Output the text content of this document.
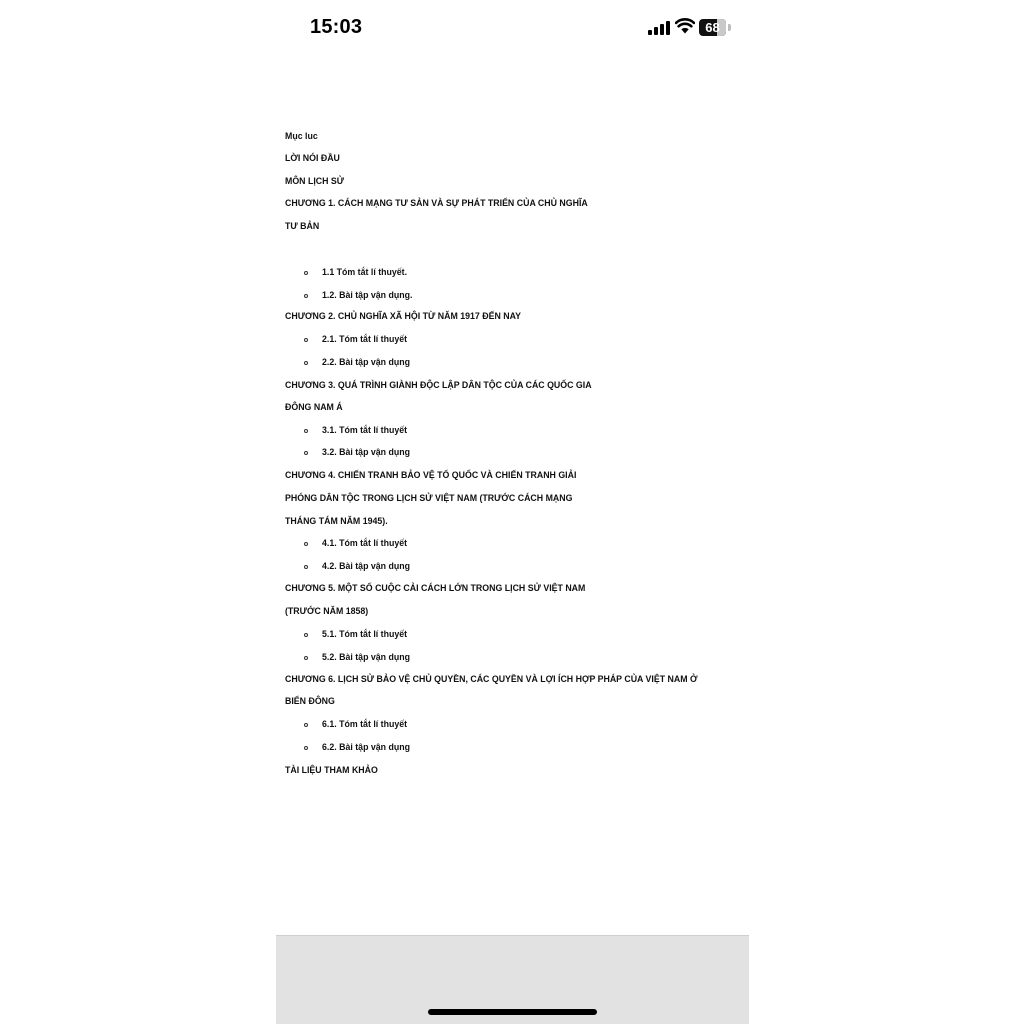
15:03	68
Mục luc
LỜI NÓI ĐẦU
MÔN LỊCH SỬ
CHƯƠNG 1. CÁCH MẠNG TƯ SẢN VÀ SỰ PHÁT TRIỂN CỦA CHỦ NGHĨA
TƯ BẢN
1.1 Tóm tắt lí thuyết.
1.2. Bài tập vận dụng.
CHƯƠNG 2. CHỦ NGHĨA XÃ HỘI TỪ NĂM 1917 ĐẾN NAY
2.1. Tóm tắt lí thuyết
2.2. Bài tập vận dụng
CHƯƠNG 3. QUÁ TRÌNH GIÀNH ĐỘC LẬP DÂN TỘC CỦA CÁC QUỐC GIA
ĐÔNG NAM Á
3.1. Tóm tắt lí thuyết
3.2. Bài tập vận dụng
CHƯƠNG 4. CHIẾN TRANH BẢO VỆ TỔ QUỐC VÀ CHIẾN TRANH GIẢI
PHÓNG DÂN TỘC TRONG LỊCH SỬ VIỆT NAM (TRƯỚC CÁCH MẠNG
THÁNG TÁM NĂM 1945).
4.1. Tóm tắt lí thuyết
4.2. Bài tập vận dụng
CHƯƠNG 5. MỘT SỐ CUỘC CẢI CÁCH LỚN TRONG LỊCH SỬ VIỆT NAM
(TRƯỚC NĂM 1858)
5.1. Tóm tắt lí thuyết
5.2. Bài tập vận dụng
CHƯƠNG 6. LỊCH SỬ BẢO VỆ CHỦ QUYỀN, CÁC QUYỀN VÀ LỢI ÍCH HỢP PHÁP CỦA VIỆT NAM Ở
BIỂN ĐÔNG
6.1. Tóm tắt lí thuyết
6.2. Bài tập vận dụng
TÀI LIỆU THAM KHẢO
